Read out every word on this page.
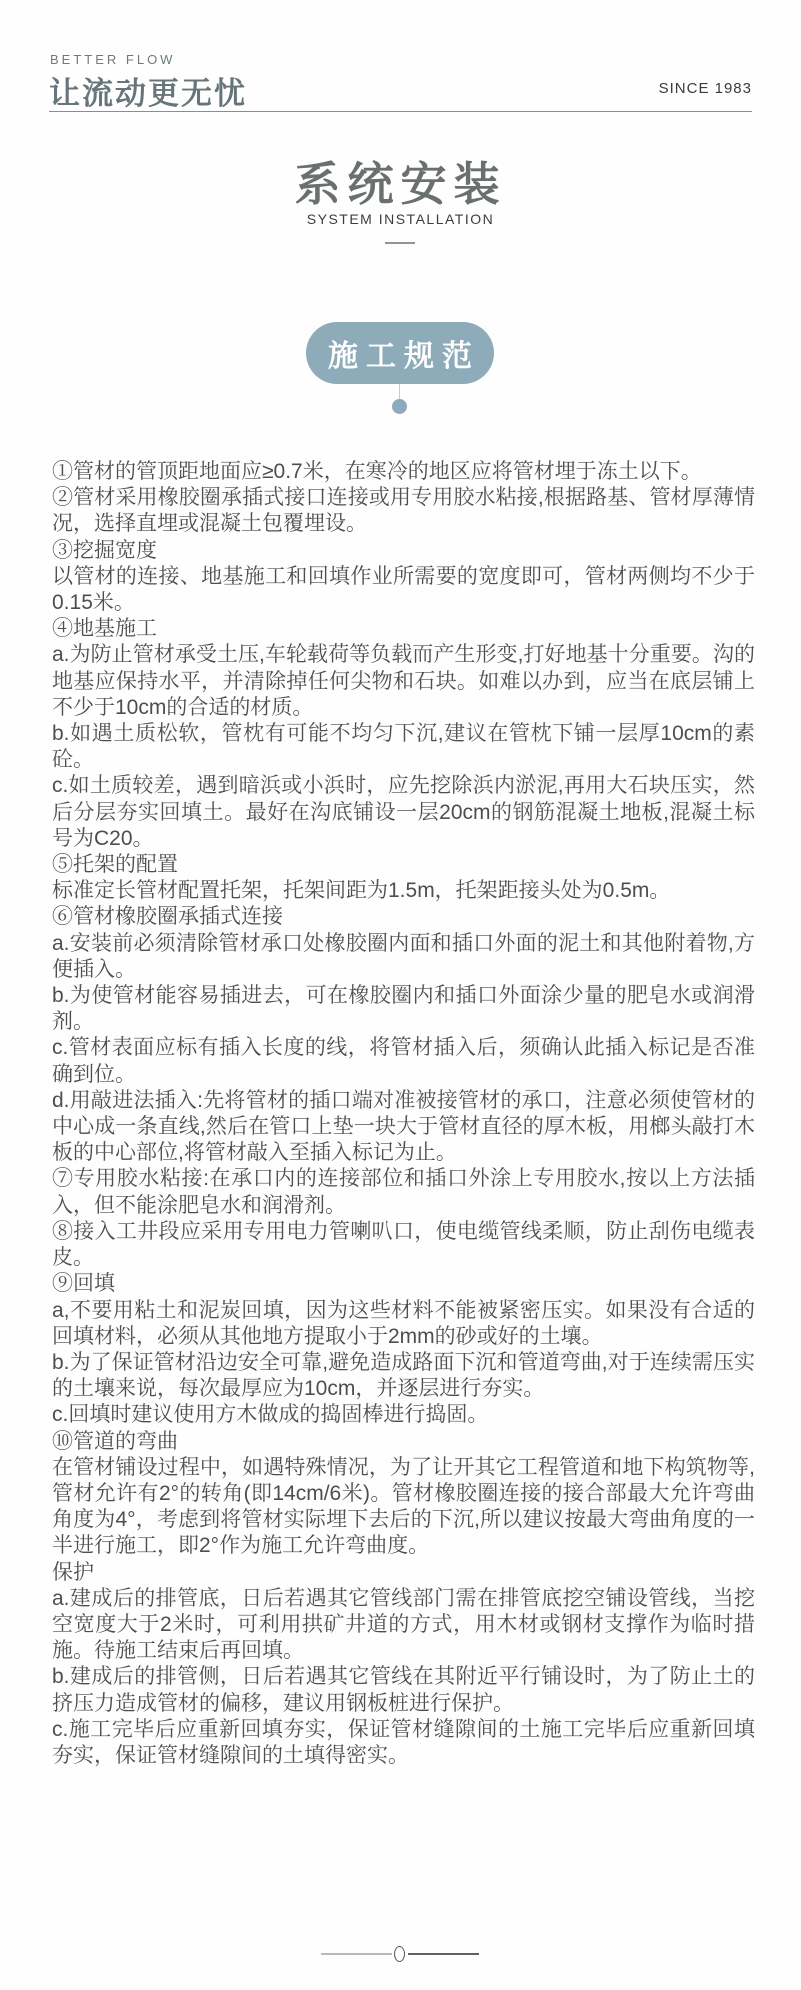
BETTER FLOW
让流动更无忧	SINCE 1983
系统安装
SYSTEM INSTALLATION
施工规范

①管材的管顶距地面应≥0.7米，在寒冷的地区应将管材埋于冻土以下。

②管材采用橡胶圈承插式接口连接或用专用胶水粘接,根据路基、管材厚薄情况，选择直埋或混凝土包覆埋设。

③挖掘宽度

以管材的连接、地基施工和回填作业所需要的宽度即可，管材两侧均不少于0.15米。

④地基施工

a.为防止管材承受土压,车轮载荷等负载而产生形变,打好地基十分重要。沟的地基应保持水平，并清除掉任何尖物和石块。如难以办到，应当在底层铺上不少于10cm的合适的材质。

b.如遇土质松软，管枕有可能不均匀下沉,建议在管枕下铺一层厚10cm的素砼。

c.如土质较差，遇到暗浜或小浜时，应先挖除浜内淤泥,再用大石块压实，然后分层夯实回填土。最好在沟底铺设一层20cm的钢筋混凝土地板,混凝土标号为C20。

⑤托架的配置

标准定长管材配置托架，托架间距为1.5m，托架距接头处为0.5m。

⑥管材橡胶圈承插式连接

a.安装前必须清除管材承口处橡胶圈内面和插口外面的泥土和其他附着物,方便插入。

b.为使管材能容易插进去，可在橡胶圈内和插口外面涂少量的肥皂水或润滑剂。

c.管材表面应标有插入长度的线，将管材插入后，须确认此插入标记是否准确到位。

d.用敲进法插入:先将管材的插口端对准被接管材的承口，注意必须使管材的中心成一条直线,然后在管口上垫一块大于管材直径的厚木板，用榔头敲打木板的中心部位,将管材敲入至插入标记为止。

⑦专用胶水粘接:在承口内的连接部位和插口外涂上专用胶水,按以上方法插入，但不能涂肥皂水和润滑剂。

⑧接入工井段应采用专用电力管喇叭口，使电缆管线柔顺，防止刮伤电缆表皮。

⑨回填

a,不要用粘土和泥炭回填，因为这些材料不能被紧密压实。如果没有合适的回填材料，必须从其他地方提取小于2mm的砂或好的土壤。

b.为了保证管材沿边安全可靠,避免造成路面下沉和管道弯曲,对于连续需压实的土壤来说，每次最厚应为10cm，并逐层进行夯实。

c.回填时建议使用方木做成的捣固棒进行捣固。

⑩管道的弯曲

在管材铺设过程中，如遇特殊情况，为了让开其它工程管道和地下构筑物等,管材允许有2°的转角(即14cm/6米)。管材橡胶圈连接的接合部最大允许弯曲角度为4°，考虑到将管材实际埋下去后的下沉,所以建议按最大弯曲角度的一半进行施工，即2°作为施工允许弯曲度。

保护

a.建成后的排管底，日后若遇其它管线部门需在排管底挖空铺设管线，当挖空宽度大于2米时，可利用拱矿井道的方式，用木材或钢材支撑作为临时措施。待施工结束后再回填。

b.建成后的排管侧，日后若遇其它管线在其附近平行铺设时，为了防止土的挤压力造成管材的偏移，建议用钢板桩进行保护。

c.施工完毕后应重新回填夯实，保证管材缝隙间的土施工完毕后应重新回填夯实，保证管材缝隙间的土填得密实。
